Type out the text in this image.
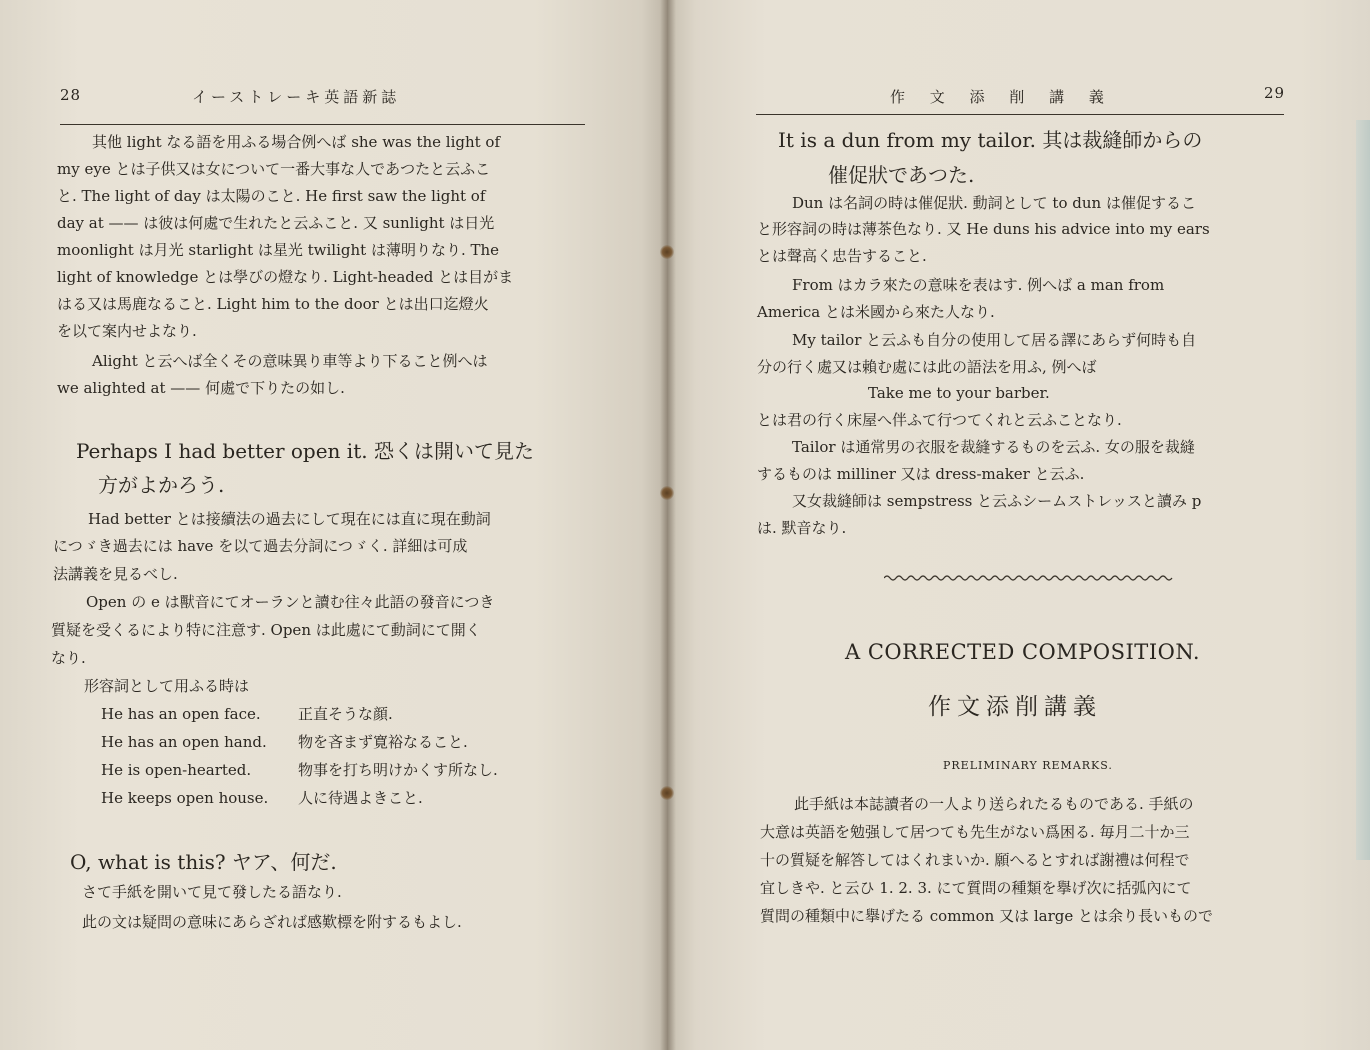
28	イーストレーキ英語新誌
其他 light なる語を用ふる場合例へば she was the light of
my eye とは子供又は女について一番大事な人であつたと云ふこ
と. The light of day は太陽のこと. He first saw the light of
day at —— は彼は何處で生れたと云ふこと. 又 sunlight は日光
moonlight は月光 starlight は星光 twilight は薄明りなり. The
light of knowledge とは學びの燈なり. Light-headed とは目がま
はる又は馬鹿なること. Light him to the door とは出口迄燈火
を以て案内せよなり.
Alight と云へば全くその意味異り車等より下ること例へは
we alighted at —— 何處で下りたの如し.
Perhaps I had better open it. 恐くは開いて見た
方がよかろう.
Had better とは接續法の過去にして現在には直に現在動詞
につゞき過去には have を以て過去分詞につゞく. 詳細は可成
法講義を見るべし.
Open の e は獸音にてオーランと讀む往々此語の發音につき
質疑を受くるにより特に注意す. Open は此處にて動詞にて開く
なり.
形容詞として用ふる時は
He has an open face. 正直そうな顔.
He has an open hand. 物を吝まず寛裕なること.
He is open-hearted.	物事を打ち明けかくす所なし.
He keeps open house. 人に待遇よきこと.
O, what is this? ヤア、何だ.
さて手紙を開いて見て發したる語なり.
此の文は疑問の意味にあらざれば感歎標を附するもよし.
作 文 添 削 講 義	29
It is a dun from my tailor. 其は裁縫師からの
催促狀であつた.
Dun は名詞の時は催促狀. 動詞として to dun は催促するこ
と形容詞の時は薄茶色なり. 又 He duns his advice into my ears
とは聲高く忠告すること.
From はカラ來たの意味を表はす. 例へば a man from
America とは米國から來た人なり.
My tailor と云ふも自分の使用して居る譯にあらず何時も自
分の行く處又は賴む處には此の語法を用ふ, 例へば
Take me to your barber.
とは君の行く床屋へ伴ふて行つてくれと云ふことなり.
Tailor は通常男の衣服を裁縫するものを云ふ. 女の服を裁縫
するものは milliner 又は dress-maker と云ふ.
又女裁縫師は sempstress と云ふシームストレッスと讀み p
は. 默音なり.
A CORRECTED COMPOSITION.
作文添削講義
PRELIMINARY REMARKS.
此手紙は本誌讀者の一人より送られたるものである. 手紙の
大意は英語を勉强して居つても先生がない爲困る. 毎月二十か三
十の質疑を解答してはくれまいか. 願へるとすれば謝禮は何程で
宜しきや. と云ひ 1. 2. 3. にて質問の種類を擧げ次に括弧內にて
質問の種類中に擧げたる common 又は large とは余り長いもので
